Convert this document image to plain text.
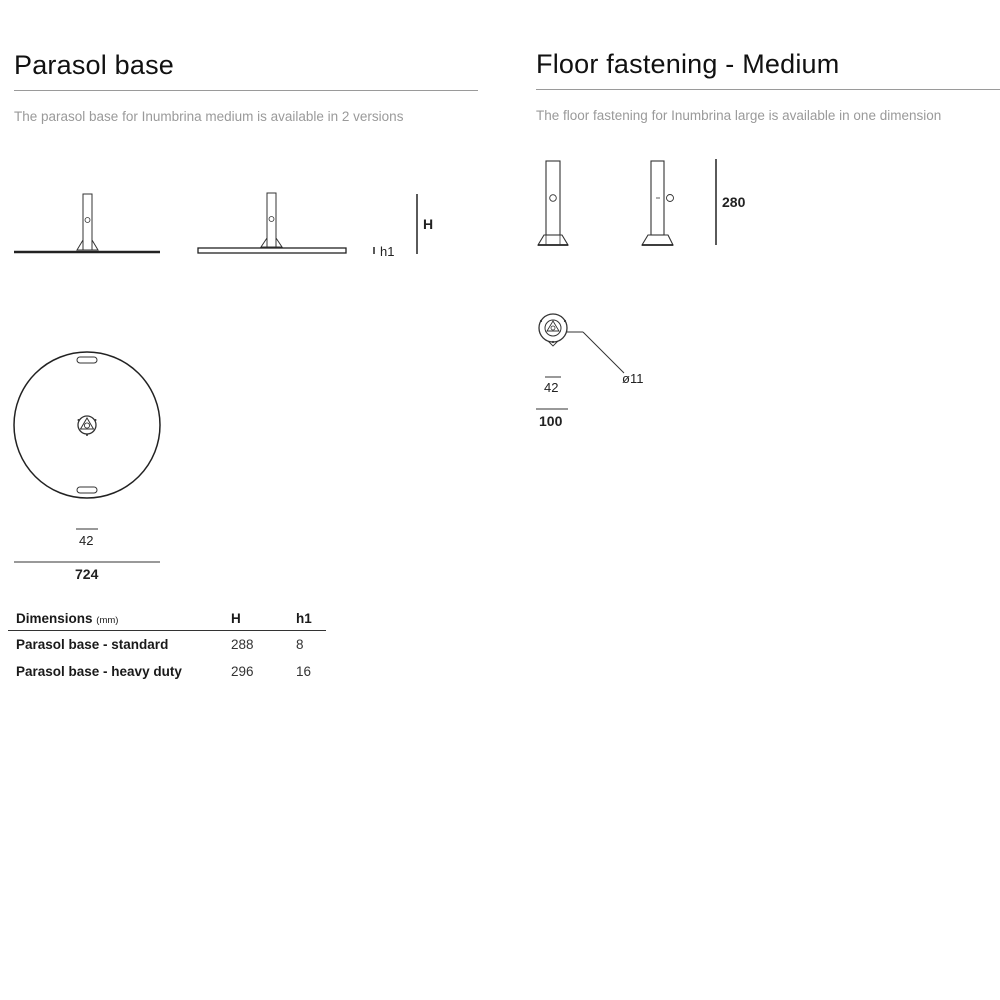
Parasol base
The parasol base for Inumbrina medium is available in 2 versions
H
h1
42
724
Dimensions (mm)	H	h1
Parasol base - standard	288	8
Parasol base - heavy duty	296	16
Floor fastening - Medium
The floor fastening for Inumbrina large is available in one dimension
280
ø11
42
100
